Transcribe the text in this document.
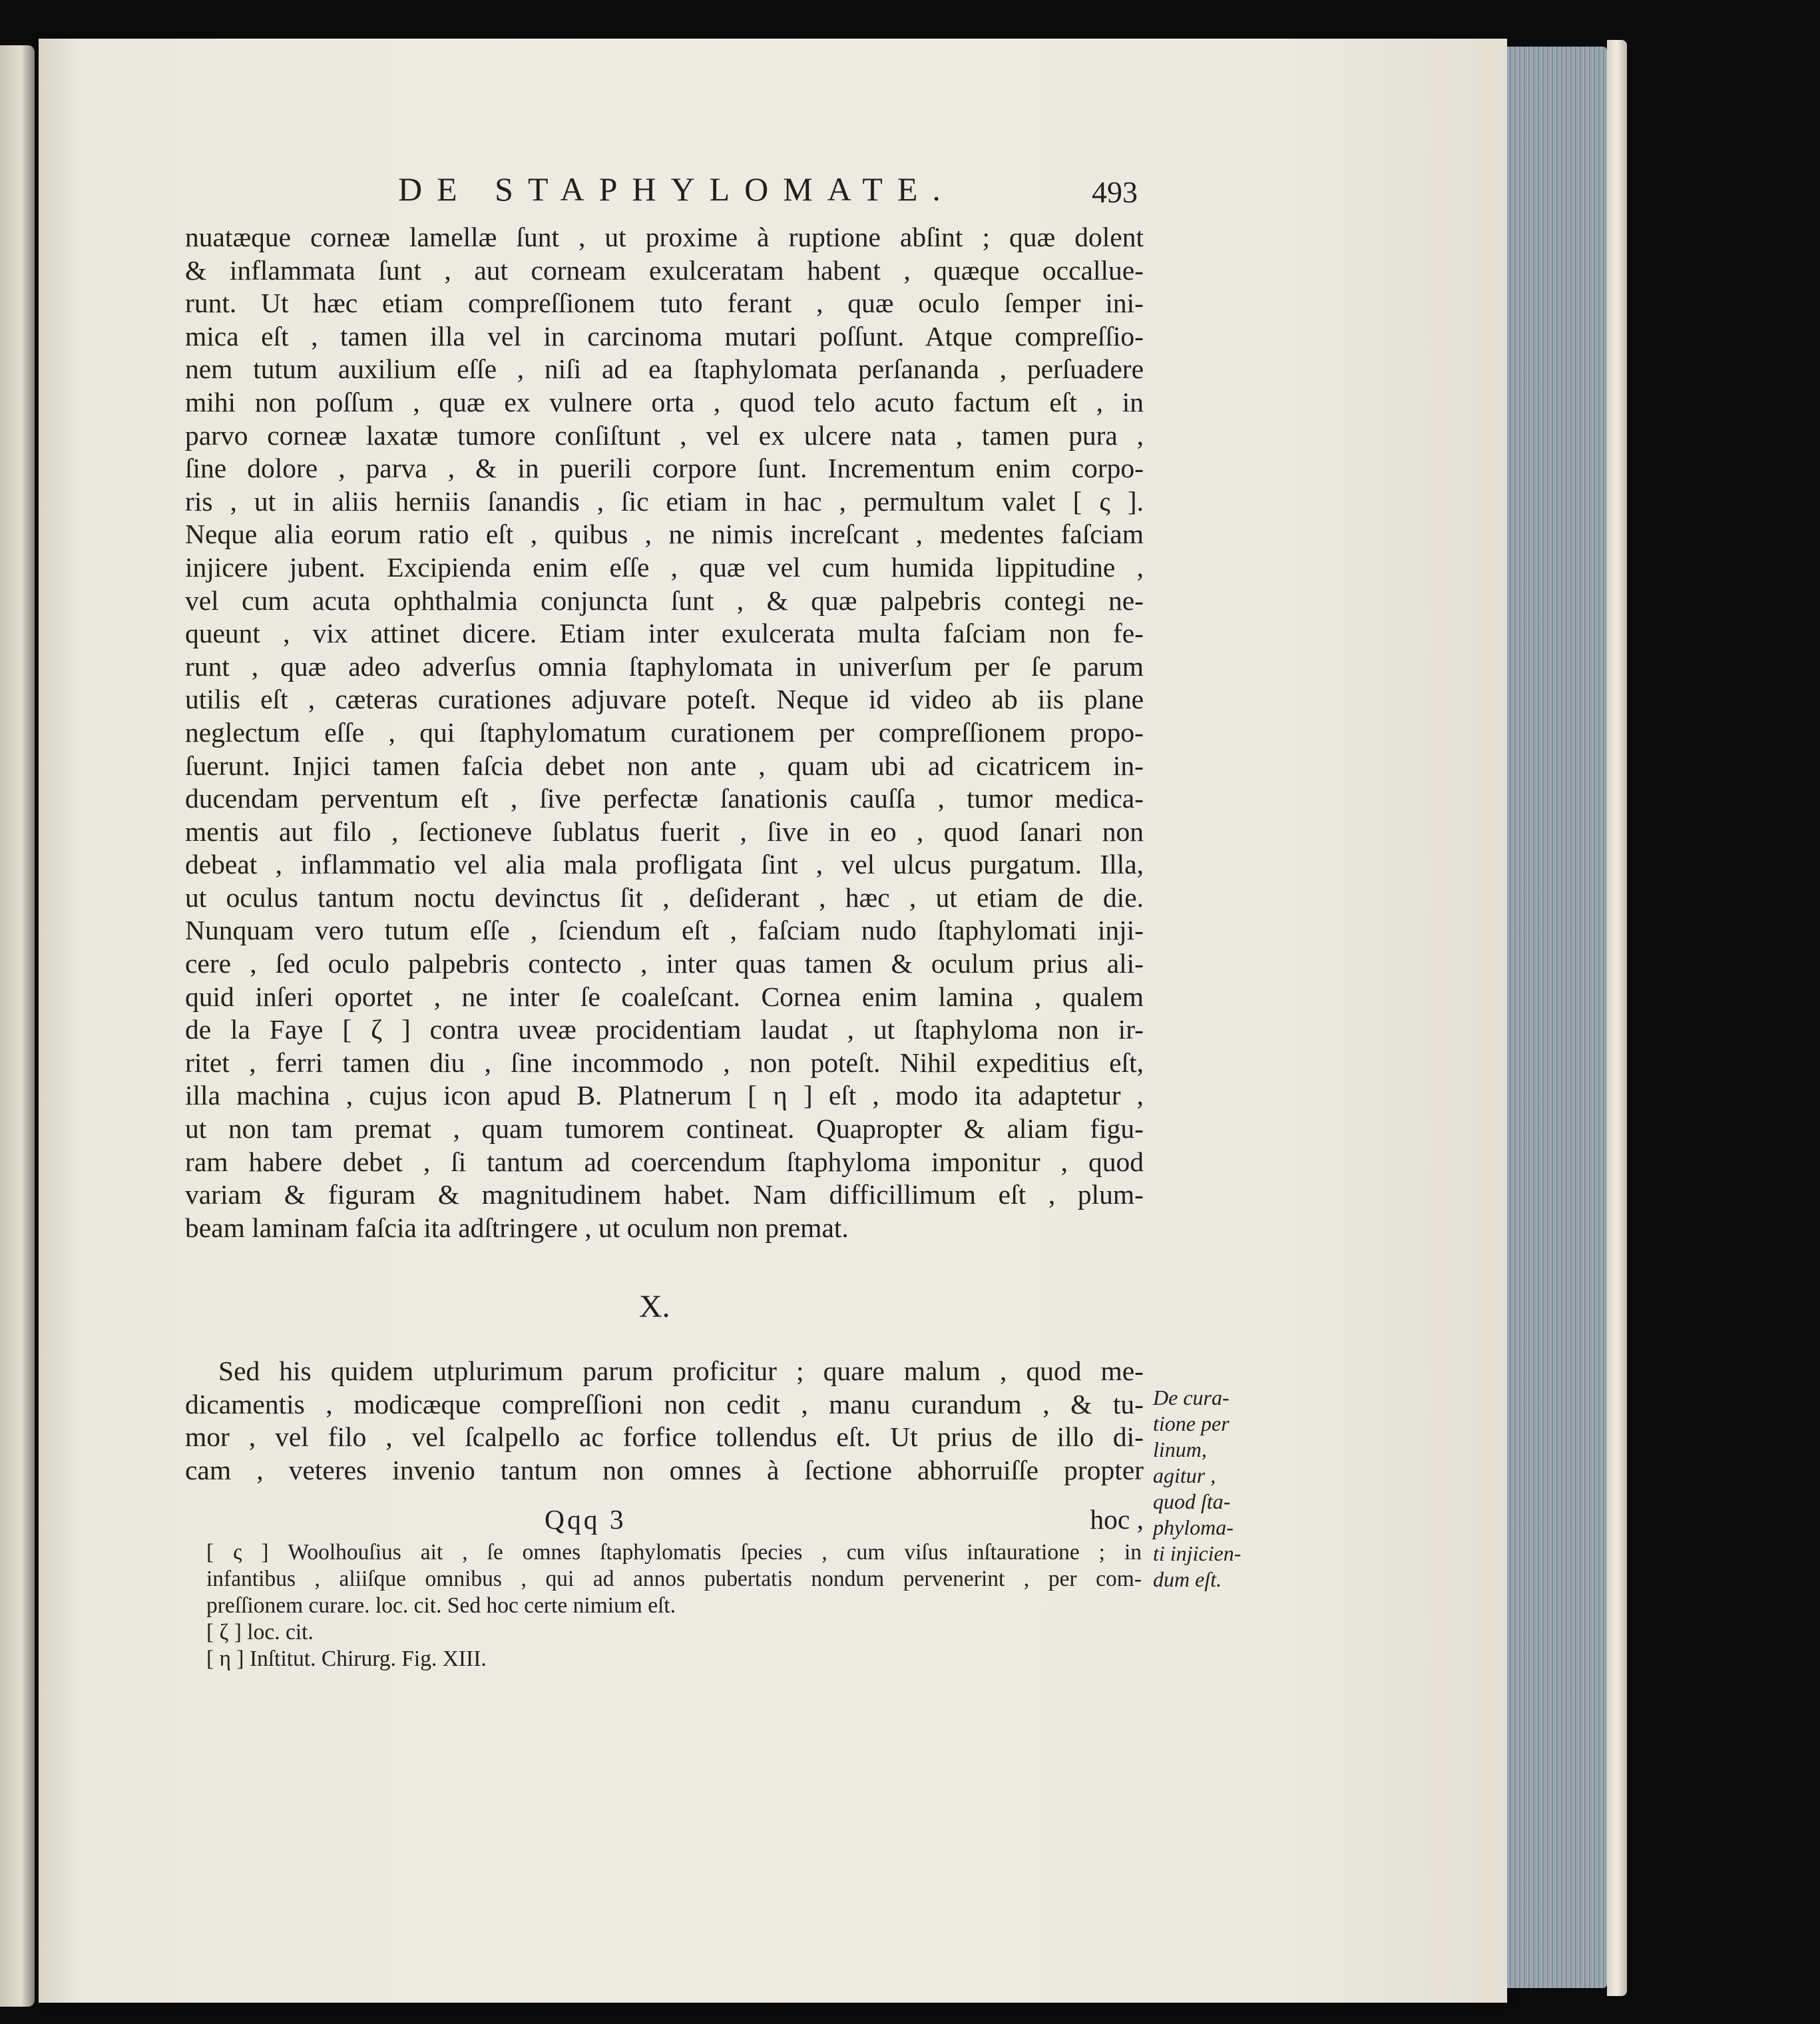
DE STAPHYLOMATE.	493
nuatæque corneæ lamellæ ſunt , ut proxime à ruptione abſint ; quæ dolent
& inflammata ſunt , aut corneam exulceratam habent , quæque occallue-
runt. Ut hæc etiam compreſſionem tuto ferant , quæ oculo ſemper ini-
mica eſt , tamen illa vel in carcinoma mutari poſſunt. Atque compreſſio-
nem tutum auxilium eſſe , niſi ad ea ſtaphylomata perſananda , perſuadere
mihi non poſſum , quæ ex vulnere orta , quod telo acuto factum eſt , in
parvo corneæ laxatæ tumore conſiſtunt , vel ex ulcere nata , tamen pura ,
ſine dolore , parva , & in puerili corpore ſunt. Incrementum enim corpo-
ris , ut in aliis herniis ſanandis , ſic etiam in hac , permultum valet [ ς ].
Neque alia eorum ratio eſt , quibus , ne nimis increſcant , medentes faſciam
injicere jubent. Excipienda enim eſſe , quæ vel cum humida lippitudine ,
vel cum acuta ophthalmia conjuncta ſunt , & quæ palpebris contegi ne-
queunt , vix attinet dicere. Etiam inter exulcerata multa faſciam non fe-
runt , quæ adeo adverſus omnia ſtaphylomata in univerſum per ſe parum
utilis eſt , cæteras curationes adjuvare poteſt. Neque id video ab iis plane
neglectum eſſe , qui ſtaphylomatum curationem per compreſſionem propo-
ſuerunt. Injici tamen faſcia debet non ante , quam ubi ad cicatricem in-
ducendam perventum eſt , ſive perfectæ ſanationis cauſſa , tumor medica-
mentis aut filo , ſectioneve ſublatus fuerit , ſive in eo , quod ſanari non
debeat , inflammatio vel alia mala profligata ſint , vel ulcus purgatum. Illa,
ut oculus tantum noctu devinctus ſit , deſiderant , hæc , ut etiam de die.
Nunquam vero tutum eſſe , ſciendum eſt , faſciam nudo ſtaphylomati inji-
cere , ſed oculo palpebris contecto , inter quas tamen & oculum prius ali-
quid inſeri oportet , ne inter ſe coaleſcant. Cornea enim lamina , qualem
de la Faye [ ζ ] contra uveæ procidentiam laudat , ut ſtaphyloma non ir-
ritet , ferri tamen diu , ſine incommodo , non poteſt. Nihil expeditius eſt,
illa machina , cujus icon apud B. Platnerum [ η ] eſt , modo ita adaptetur ,
ut non tam premat , quam tumorem contineat. Quapropter & aliam figu-
ram habere debet , ſi tantum ad coercendum ſtaphyloma imponitur , quod
variam & figuram & magnitudinem habet. Nam difficillimum eſt , plum-
beam laminam faſcia ita adſtringere , ut oculum non premat.
X.
Sed his quidem utplurimum parum proficitur ; quare malum , quod me-
dicamentis , modicæque compreſſioni non cedit , manu curandum , & tu-
mor , vel filo , vel ſcalpello ac forfice tollendus eſt. Ut prius de illo di-
cam , veteres invenio tantum non omnes à ſectione abhorruiſſe propter
Qqq 3	hoc ,
De cura-
tione per
linum,
agitur ,
quod ſta-
phyloma-
ti injicien-
dum eſt.
[ ς ] Woolhouſius ait , ſe omnes ſtaphylomatis ſpecies , cum viſus inſtauratione ; in
infantibus , aliiſque omnibus , qui ad annos pubertatis nondum pervenerint , per com-
preſſionem curare. loc. cit. Sed hoc certe nimium eſt.
[ ζ ] loc. cit.
[ η ] Inſtitut. Chirurg. Fig. XIII.
